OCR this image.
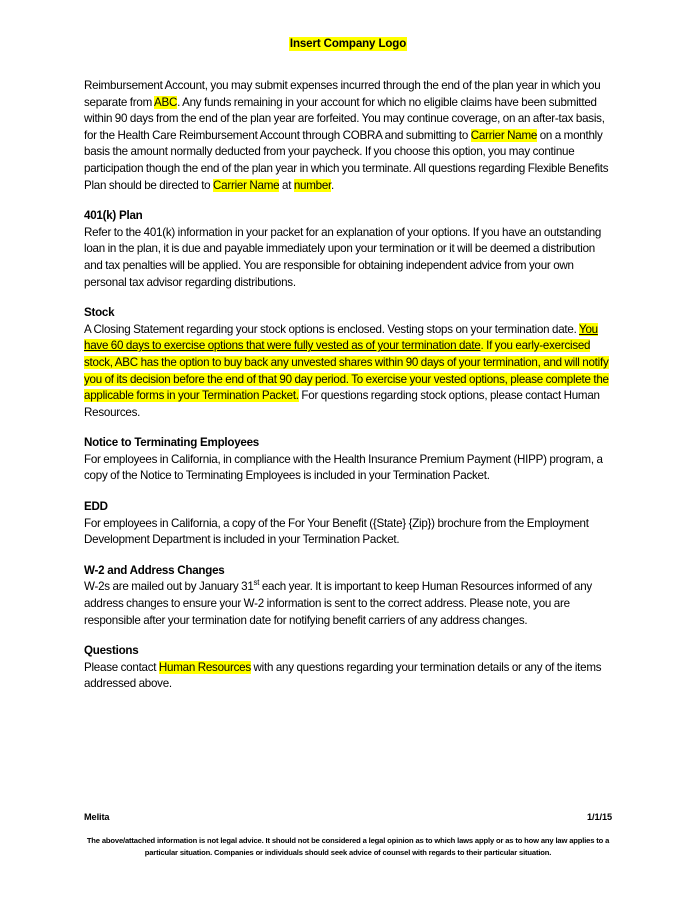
Insert Company Logo

Reimbursement Account, you may submit expenses incurred through the end of the plan year in which you separate from ABC. Any funds remaining in your account for which no eligible claims have been submitted within 90 days from the end of the plan year are forfeited. You may continue coverage, on an after-tax basis, for the Health Care Reimbursement Account through COBRA and submitting to Carrier Name on a monthly basis the amount normally deducted from your paycheck. If you choose this option, you may continue participation though the end of the plan year in which you terminate. All questions regarding Flexible Benefits Plan should be directed to Carrier Name at number.

401(k) Plan

Refer to the 401(k) information in your packet for an explanation of your options. If you have an outstanding loan in the plan, it is due and payable immediately upon your termination or it will be deemed a distribution and tax penalties will be applied. You are responsible for obtaining independent advice from your own personal tax advisor regarding distributions.

Stock

A Closing Statement regarding your stock options is enclosed. Vesting stops on your termination date. You have 60 days to exercise options that were fully vested as of your termination date. If you early-exercised stock, ABC has the option to buy back any unvested shares within 90 days of your termination, and will notify you of its decision before the end of that 90 day period. To exercise your vested options, please complete the applicable forms in your Termination Packet. For questions regarding stock options, please contact Human Resources.

Notice to Terminating Employees

For employees in California, in compliance with the Health Insurance Premium Payment (HIPP) program, a copy of the Notice to Terminating Employees is included in your Termination Packet.

EDD

For employees in California, a copy of the For Your Benefit ({State} {Zip}) brochure from the Employment Development Department is included in your Termination Packet.

W-2 and Address Changes

W-2s are mailed out by January 31st each year. It is important to keep Human Resources informed of any address changes to ensure your W-2 information is sent to the correct address. Please note, you are responsible after your termination date for notifying benefit carriers of any address changes.

Questions

Please contact Human Resources with any questions regarding your termination details or any of the items addressed above.

Melita	1/1/15
The above/attached information is not legal advice. It should not be considered a legal opinion as to which laws apply or as to how any law applies to a particular situation. Companies or individuals should seek advice of counsel with regards to their particular situation.
